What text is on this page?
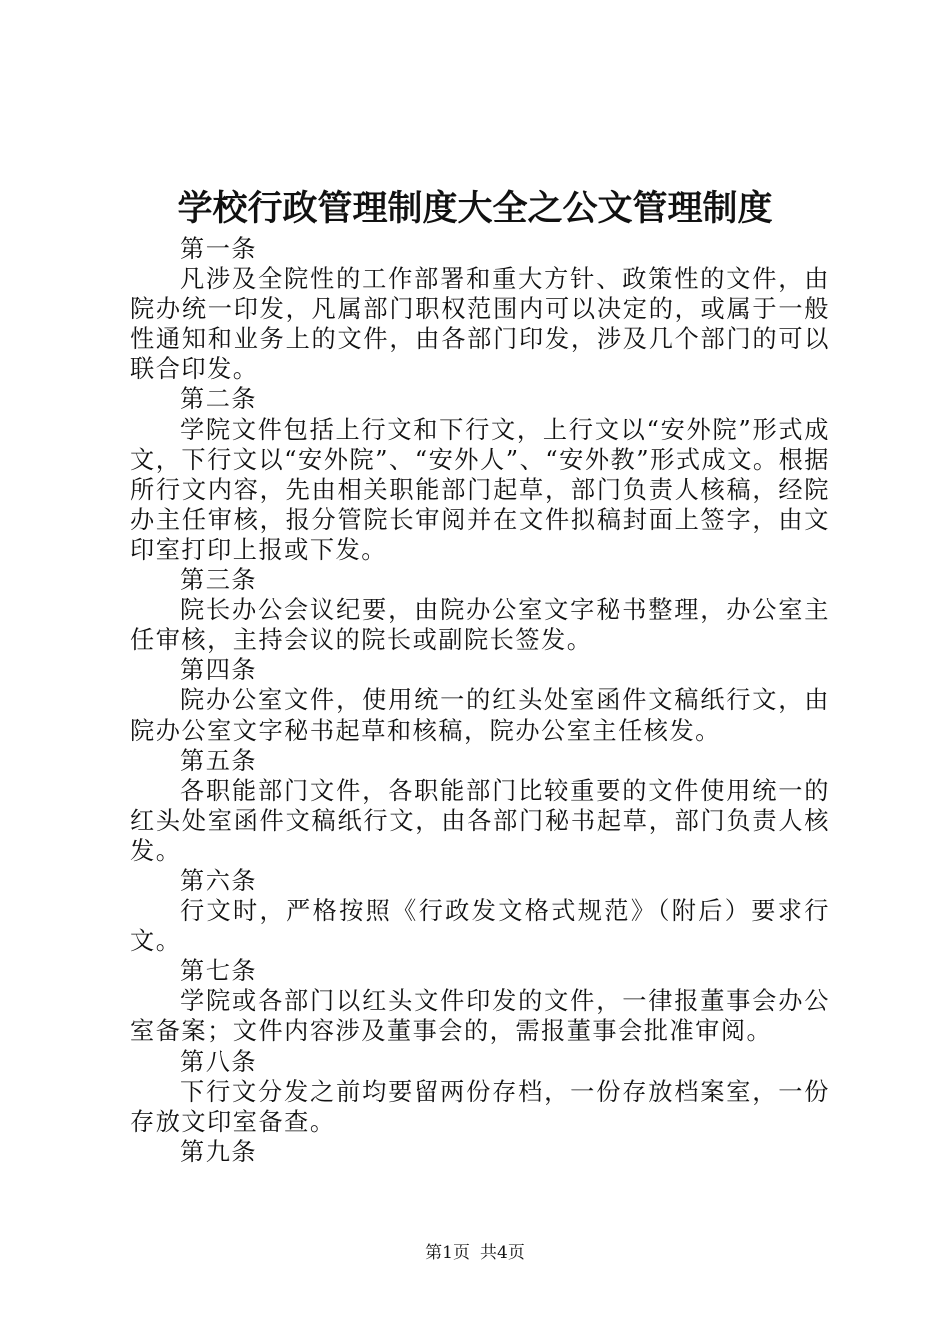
学校行政管理制度大全之公文管理制度

第一条

凡涉及全院性的工作部署和重大方针、政策性的文件，由院办统一印发，凡属部门职权范围内可以决定的，或属于一般性通知和业务上的文件，由各部门印发，涉及几个部门的可以联合印发。

第二条

学院文件包括上行文和下行文，上行文以“安外院”形式成文，下行文以“安外院”、“安外人”、“安外教”形式成文。根据所行文内容，先由相关职能部门起草，部门负责人核稿，经院办主任审核，报分管院长审阅并在文件拟稿封面上签字，由文印室打印上报或下发。

第三条

院长办公会议纪要，由院办公室文字秘书整理，办公室主任审核，主持会议的院长或副院长签发。

第四条

院办公室文件，使用统一的红头处室函件文稿纸行文，由院办公室文字秘书起草和核稿，院办公室主任核发。

第五条

各职能部门文件，各职能部门比较重要的文件使用统一的红头处室函件文稿纸行文，由各部门秘书起草，部门负责人核发。

第六条

行文时，严格按照《行政发文格式规范》（附后）要求行文。

第七条

学院或各部门以红头文件印发的文件，一律报董事会办公室备案；文件内容涉及董事会的，需报董事会批准审阅。

第八条

下行文分发之前均要留两份存档，一份存放档案室，一份存放文印室备查。

第九条

第1页 共4页
